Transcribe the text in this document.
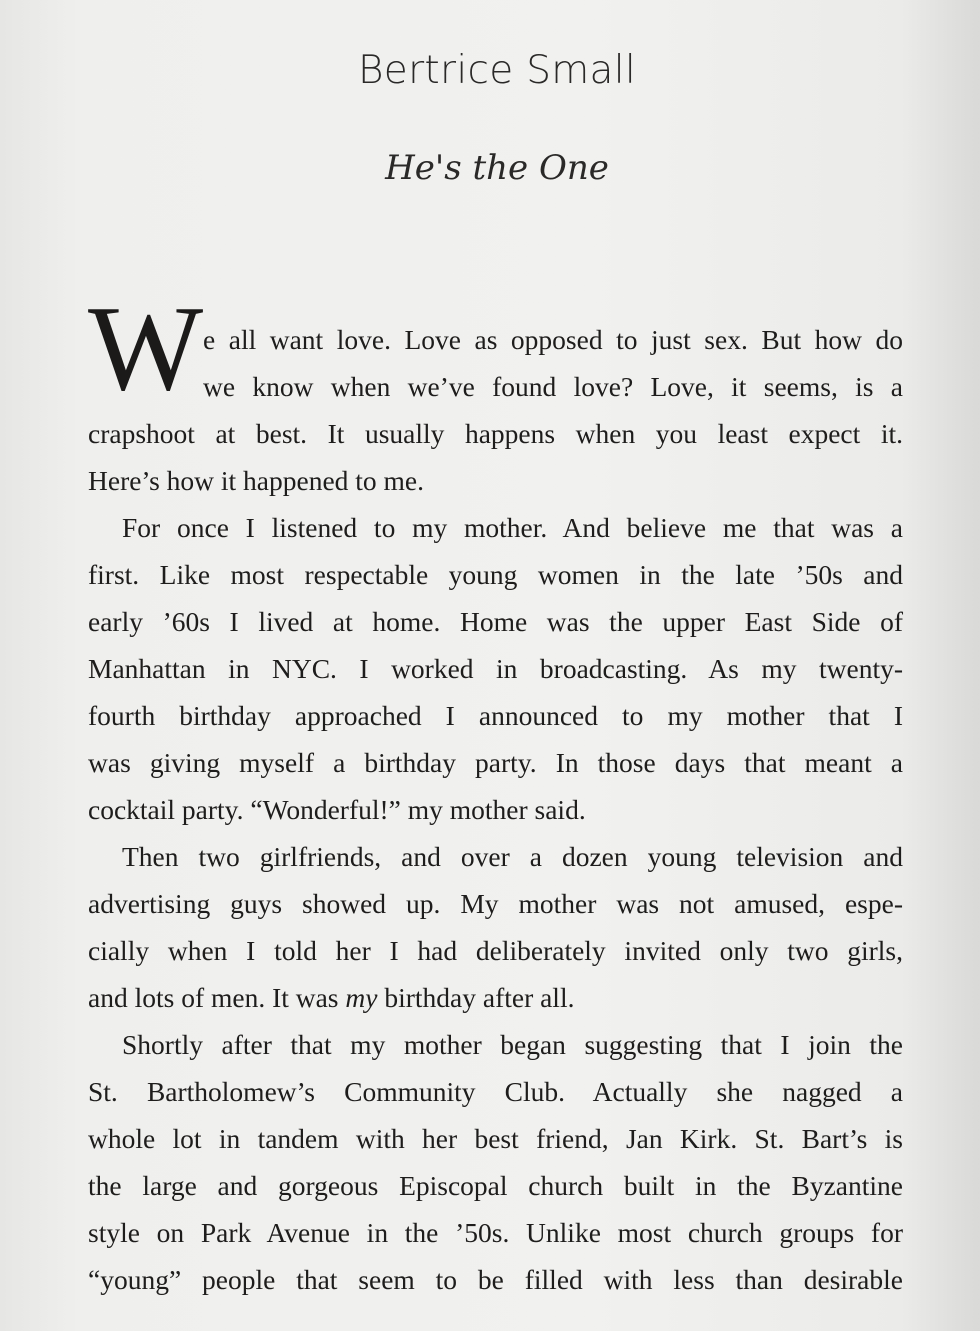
Bertrice Small
He's the One
W e all want love. Love as opposed to just sex. But how do
we know when we’ve found love? Love, it seems, is a
crapshoot at best. It usually happens when you least expect it.
Here’s how it happened to me.
For once I listened to my mother. And believe me that was a
first. Like most respectable young women in the late ’50s and
early ’60s I lived at home. Home was the upper East Side of
Manhattan in NYC. I worked in broadcasting. As my twenty-
fourth birthday approached I announced to my mother that I
was giving myself a birthday party. In those days that meant a
cocktail party. “Wonderful!” my mother said.
Then two girlfriends, and over a dozen young television and
advertising guys showed up. My mother was not amused, espe-
cially when I told her I had deliberately invited only two girls,
and lots of men. It was my birthday after all.
Shortly after that my mother began suggesting that I join the
St. Bartholomew’s Community Club. Actually she nagged a
whole lot in tandem with her best friend, Jan Kirk. St. Bart’s is
the large and gorgeous Episcopal church built in the Byzantine
style on Park Avenue in the ’50s. Unlike most church groups for
“young” people that seem to be filled with less than desirable
